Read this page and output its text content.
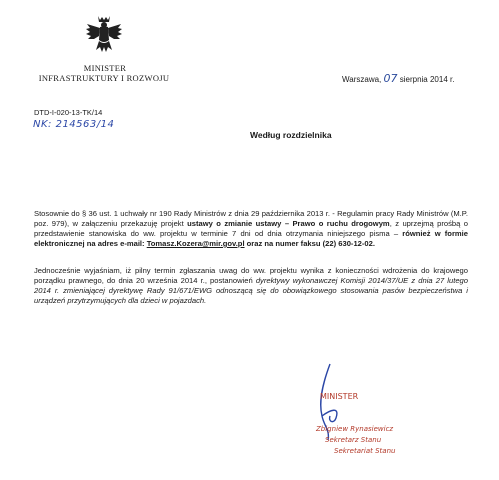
MINISTER
INFRASTRUKTURY I ROZWOJU	Warszawa, 07 sierpnia 2014 r.
DTD-I-020-13-TK/14
NK: 214563/14
Według rozdzielnika
Stosownie do § 36 ust. 1 uchwały nr 190 Rady Ministrów z dnia 29 października 2013 r. - Regulamin pracy Rady Ministrów (M.P. poz. 979), w załączeniu przekazuję projekt ustawy o zmianie ustawy – Prawo o ruchu drogowym, z uprzejmą prośbą o przedstawienie stanowiska do ww. projektu w terminie 7 dni od dnia otrzymania niniejszego pisma – również w formie elektronicznej na adres e-mail: Tomasz.Kozera@mir.gov.pl oraz na numer faksu (22) 630-12-02.
Jednocześnie wyjaśniam, iż pilny termin zgłaszania uwag do ww. projektu wynika z konieczności wdrożenia do krajowego porządku prawnego, do dnia 20 września 2014 r., postanowień dyrektywy wykonawczej Komisji 2014/37/UE z dnia 27 lutego 2014 r. zmieniającej dyrektywę Rady 91/671/EWG odnoszącą się do obowiązkowego stosowania pasów bezpieczeństwa i urządzeń przytrzymujących dla dzieci w pojazdach.
MINISTER
Zbigniew Rynasiewicz
Sekretarz Stanu
Sekretariat Stanu
